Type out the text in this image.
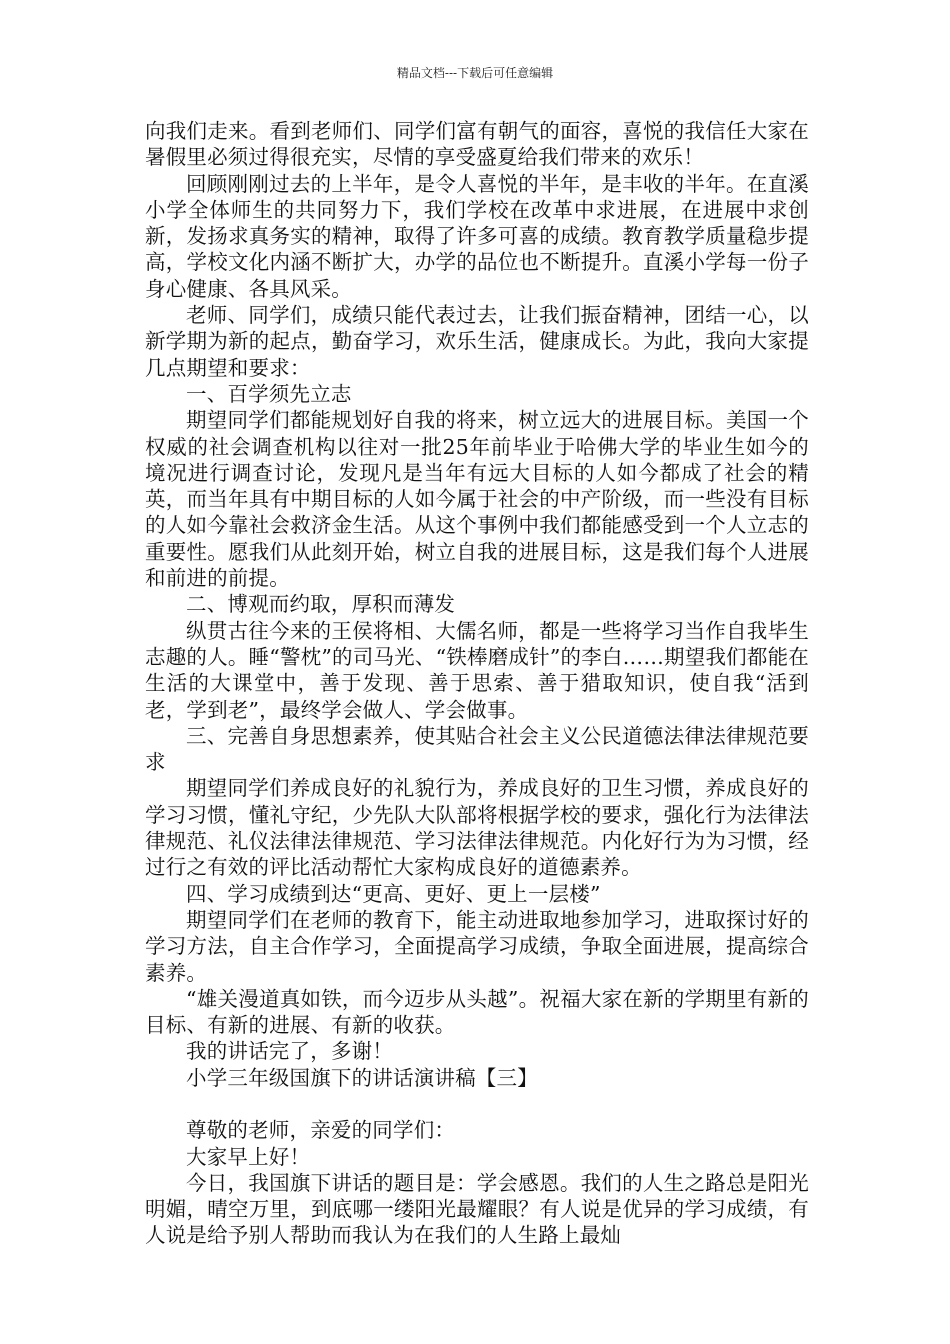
精品文档---下载后可任意编辑

向我们走来。看到老师们、同学们富有朝气的面容，喜悦的我信任大家在暑假里必须过得很充实，尽情的享受盛夏给我们带来的欢乐！

回顾刚刚过去的上半年，是令人喜悦的半年，是丰收的半年。在直溪小学全体师生的共同努力下，我们学校在改革中求进展，在进展中求创新，发扬求真务实的精神，取得了许多可喜的成绩。教育教学质量稳步提高，学校文化内涵不断扩大，办学的品位也不断提升。直溪小学每一份子身心健康、各具风采。

老师、同学们，成绩只能代表过去，让我们振奋精神，团结一心，以新学期为新的起点，勤奋学习，欢乐生活，健康成长。为此，我向大家提几点期望和要求：

一、百学须先立志

期望同学们都能规划好自我的将来，树立远大的进展目标。美国一个权威的社会调查机构以往对一批25年前毕业于哈佛大学的毕业生如今的境况进行调查讨论，发现凡是当年有远大目标的人如今都成了社会的精英，而当年具有中期目标的人如今属于社会的中产阶级，而一些没有目标的人如今靠社会救济金生活。从这个事例中我们都能感受到一个人立志的重要性。愿我们从此刻开始，树立自我的进展目标，这是我们每个人进展和前进的前提。

二、博观而约取，厚积而薄发

纵贯古往今来的王侯将相、大儒名师，都是一些将学习当作自我毕生志趣的人。睡“警枕”的司马光、“铁棒磨成针”的李白……期望我们都能在生活的大课堂中，善于发现、善于思索、善于猎取知识，使自我“活到老，学到老”，最终学会做人、学会做事。

三、完善自身思想素养，使其贴合社会主义公民道德法律法律规范要求

期望同学们养成良好的礼貌行为，养成良好的卫生习惯，养成良好的学习习惯，懂礼守纪，少先队大队部将根据学校的要求，强化行为法律法律规范、礼仪法律法律规范、学习法律法律规范。内化好行为为习惯，经过行之有效的评比活动帮忙大家构成良好的道德素养。

四、学习成绩到达“更高、更好、更上一层楼”

期望同学们在老师的教育下，能主动进取地参加学习，进取探讨好的学习方法，自主合作学习，全面提高学习成绩，争取全面进展，提高综合素养。

“雄关漫道真如铁，而今迈步从头越”。祝福大家在新的学期里有新的目标、有新的进展、有新的收获。

我的讲话完了，多谢！

小学三年级国旗下的讲话演讲稿【三】

尊敬的老师，亲爱的同学们：

大家早上好！

今日，我国旗下讲话的题目是：学会感恩。我们的人生之路总是阳光明媚，晴空万里，到底哪一缕阳光最耀眼？有人说是优异的学习成绩，有人说是给予别人帮助而我认为在我们的人生路上最灿
